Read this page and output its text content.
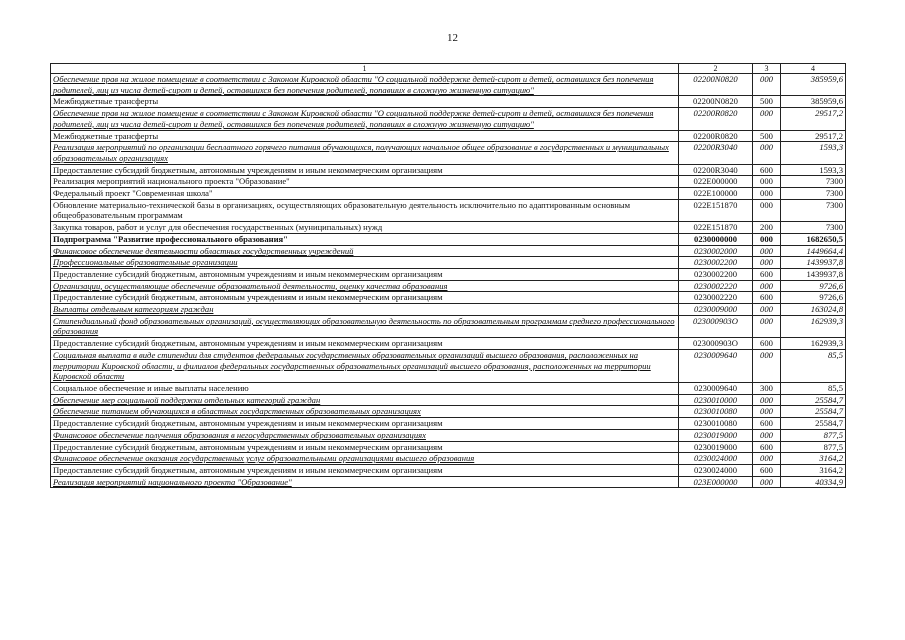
12
1	2	3	4
Обеспечение прав на жилое помещение в соответствии с Законом Кировской области "О социальной поддержке детей-сирот и детей, оставшихся без попечения родителей, лиц из числа детей-сирот и детей, оставшихся без попечения родителей, попавших в сложную жизненную ситуацию"	02200N0820	000	385959,6
Межбюджетные трансферты	02200N0820	500	385959,6
Обеспечение прав на жилое помещение в соответствии с Законом Кировской области "О социальной поддержке детей-сирот и детей, оставшихся без попечения родителей, лиц из числа детей-сирот и детей, оставшихся без попечения родителей, попавших в сложную жизненную ситуацию"	02200R0820	000	29517,2
Межбюджетные трансферты	02200R0820	500	29517,2
Реализация мероприятий по организации бесплатного горячего питания обучающихся, получающих начальное общее образование в государственных и муниципальных образовательных организациях	02200R3040	000	1593,3
Предоставление субсидий бюджетным, автономным учреждениям и иным некоммерческим организациям	02200R3040	600	1593,3
Реализация мероприятий национального проекта "Образование"	022E000000	000	7300
Федеральный проект "Современная школа"	022E100000	000	7300
Обновление материально-технической базы в организациях, осуществляющих образовательную деятельность исключительно по адаптированным основным общеобразовательным программам	022E151870	000	7300
Закупка товаров, работ и услуг для обеспечения государственных (муниципальных) нужд	022E151870	200	7300
Подпрограмма "Развитие профессионального образования"	0230000000	000	1682650,5
Финансовое обеспечение деятельности областных государственных учреждений	0230002000	000	1449664,4
Профессиональные образовательные организации	0230002200	000	1439937,8
Предоставление субсидий бюджетным, автономным учреждениям и иным некоммерческим организациям	0230002200	600	1439937,8
Организации, осуществляющие обеспечение образовательной деятельности, оценку качества образования	0230002220	000	9726,6
Предоставление субсидий бюджетным, автономным учреждениям и иным некоммерческим организациям	0230002220	600	9726,6
Выплаты отдельным категориям граждан	0230009000	000	163024,8
Стипендиальный фонд образовательных организаций, осуществляющих образовательную деятельность по образовательным программам среднего профессионального образования	023000903О	000	162939,3
Предоставление субсидий бюджетным, автономным учреждениям и иным некоммерческим организациям	023000903О	600	162939,3
Социальная выплата в виде стипендии для студентов федеральных государственных образовательных организаций высшего образования, расположенных на территории Кировской области, и филиалов федеральных государственных образовательных организаций высшего образования, расположенных на территории Кировской области	0230009640	000	85,5
Социальное обеспечение и иные выплаты населению	0230009640	300	85,5
Обеспечение мер социальной поддержки отдельных категорий граждан	0230010000	000	25584,7
Обеспечение питанием обучающихся в областных государственных образовательных организациях	0230010080	000	25584,7
Предоставление субсидий бюджетным, автономным учреждениям и иным некоммерческим организациям	0230010080	600	25584,7
Финансовое обеспечение получения образования в негосударственных образовательных организациях	0230019000	000	877,5
Предоставление субсидий бюджетным, автономным учреждениям и иным некоммерческим организациям	0230019000	600	877,5
Финансовое обеспечение оказания государственных услуг образовательными организациями высшего образования	0230024000	000	3164,2
Предоставление субсидий бюджетным, автономным учреждениям и иным некоммерческим организациям	0230024000	600	3164,2
Реализация мероприятий национального проекта "Образование"	023E000000	000	40334,9
